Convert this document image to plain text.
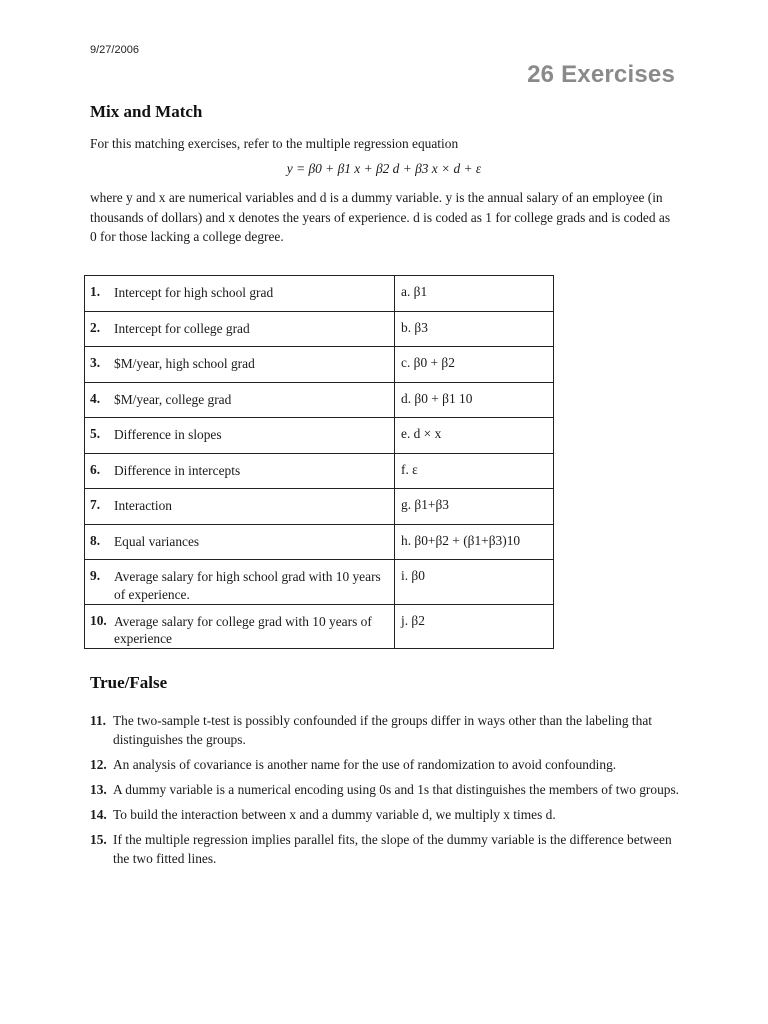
9/27/2006
26 Exercises
Mix and Match
For this matching exercises, refer to the multiple regression equation
y = β0 + β1 x + β2 d + β3 x × d + ε
where y and x are numerical variables and d is a dummy variable. y is the annual salary of an employee (in thousands of dollars) and x denotes the years of experience. d is coded as 1 for college grads and is coded as 0 for those lacking a college degree.
1. Intercept for high school grad	a. β1

2. Intercept for college grad	b. β3

3. $M/year, high school grad	c. β0 + β2

4. $M/year, college grad	d. β0 + β1 10

5. Difference in slopes	e. d × x

6. Difference in intercepts	f. ε

7. Interaction	g. β1+β3

8. Equal variances	h. β0+β2 + (β1+β3)10

9. Average salary for high school grad with 10 years of experience.	i. β0

10. Average salary for college grad with 10 years of experience	j. β2
True/False
11. The two-sample t-test is possibly confounded if the groups differ in ways other than the labeling that distinguishes the groups.
12. An analysis of covariance is another name for the use of randomization to avoid confounding.
13. A dummy variable is a numerical encoding using 0s and 1s that distinguishes the members of two groups.
14. To build the interaction between x and a dummy variable d, we multiply x times d.
15. If the multiple regression implies parallel fits, the slope of the dummy variable is the difference between the two fitted lines.
